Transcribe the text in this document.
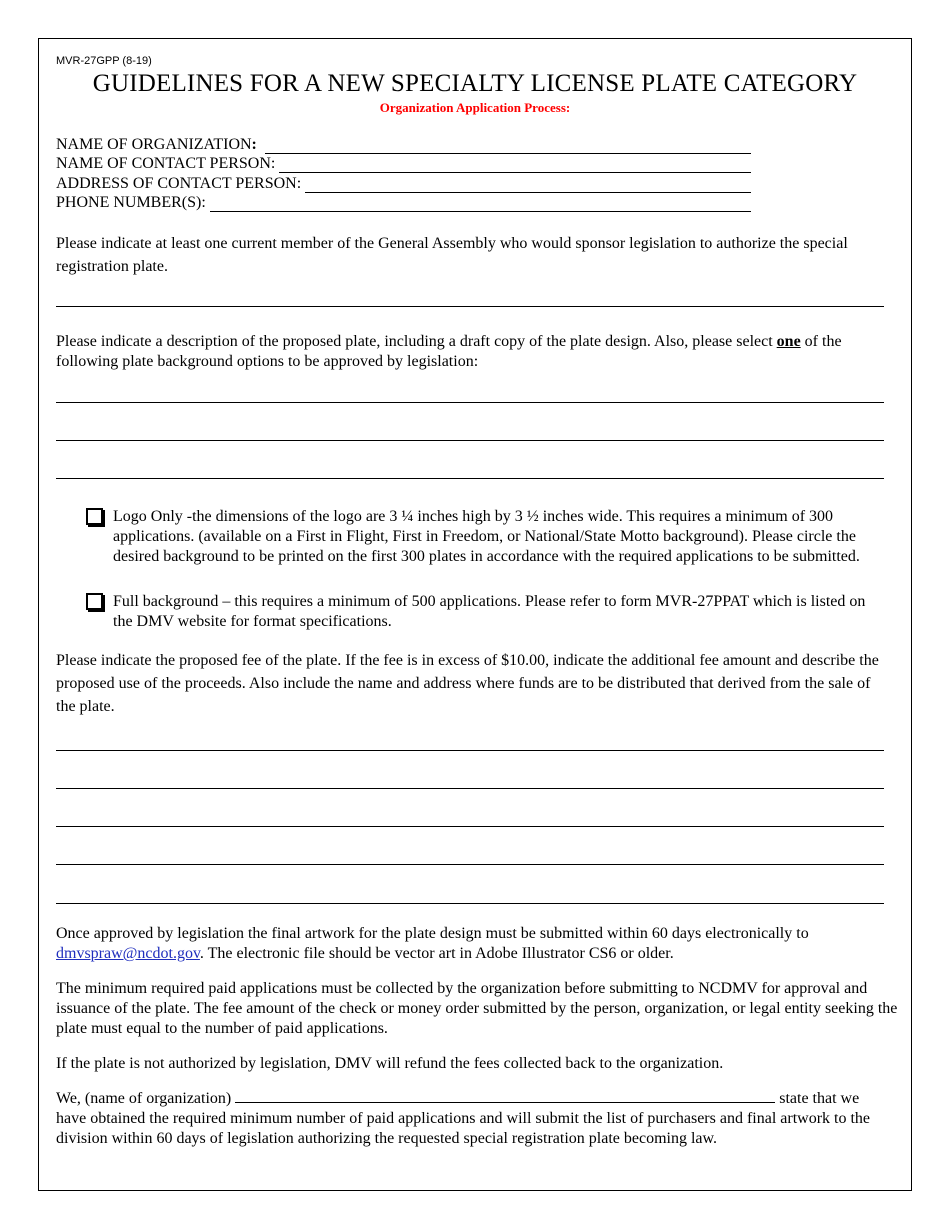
MVR-27GPP (8-19)
GUIDELINES FOR A NEW SPECIALTY LICENSE PLATE CATEGORY
Organization Application Process:
NAME OF ORGANIZATION:
NAME OF CONTACT PERSON:
ADDRESS OF CONTACT PERSON:
PHONE NUMBER(S):
Please indicate at least one current member of the General Assembly who would sponsor legislation to authorize the special registration plate.
Please indicate a description of the proposed plate, including a draft copy of the plate design. Also, please select one of the following plate background options to be approved by legislation:
Logo Only -the dimensions of the logo are 3 ¼ inches high by 3 ½ inches wide. This requires a minimum of 300 applications. (available on a First in Flight, First in Freedom, or National/State Motto background). Please circle the desired background to be printed on the first 300 plates in accordance with the required applications to be submitted.
Full background – this requires a minimum of 500 applications. Please refer to form MVR-27PPAT which is listed on the DMV website for format specifications.
Please indicate the proposed fee of the plate. If the fee is in excess of $10.00, indicate the additional fee amount and describe the proposed use of the proceeds. Also include the name and address where funds are to be distributed that derived from the sale of the plate.
Once approved by legislation the final artwork for the plate design must be submitted within 60 days electronically to dmvspraw@ncdot.gov. The electronic file should be vector art in Adobe Illustrator CS6 or older.
The minimum required paid applications must be collected by the organization before submitting to NCDMV for approval and issuance of the plate. The fee amount of the check or money order submitted by the person, organization, or legal entity seeking the plate must equal to the number of paid applications.
If the plate is not authorized by legislation, DMV will refund the fees collected back to the organization.
We, (name of organization)	state that we have obtained the required minimum number of paid applications and will submit the list of purchasers and final artwork to the division within 60 days of legislation authorizing the requested special registration plate becoming law.
